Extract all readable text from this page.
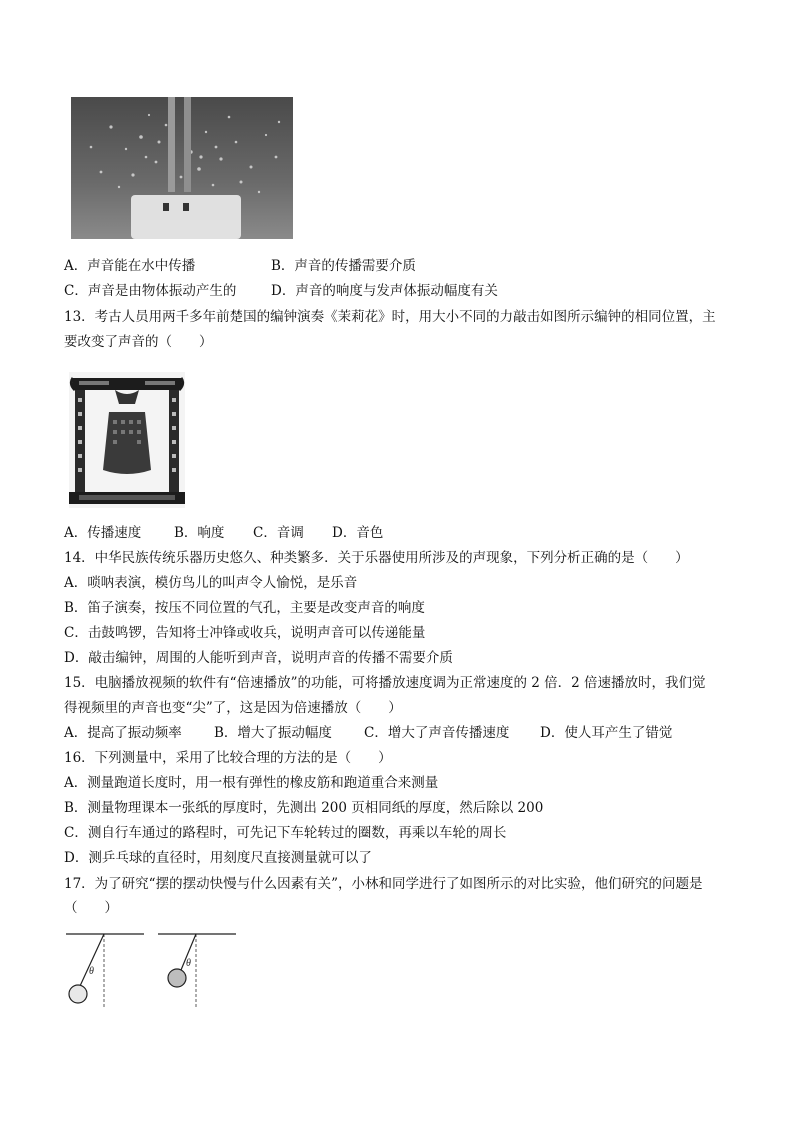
A．声音能在水中传播	B．声音的传播需要介质
C．声音是由物体振动产生的	D．声音的响度与发声体振动幅度有关
13．考古人员用两千多年前楚国的编钟演奏《茉莉花》时，用大小不同的力敲击如图所示编钟的相同位置，主
要改变了声音的（　　）
A．传播速度 B．响度 C．音调 D．音色
14．中华民族传统乐器历史悠久、种类繁多．关于乐器使用所涉及的声现象，下列分析正确的是（　　）
A．唢呐表演，模仿鸟儿的叫声令人愉悦，是乐音
B．笛子演奏，按压不同位置的气孔，主要是改变声音的响度
C．击鼓鸣锣，告知将士冲锋或收兵，说明声音可以传递能量
D．敲击编钟，周围的人能听到声音，说明声音的传播不需要介质
15．电脑播放视频的软件有“倍速播放”的功能，可将播放速度调为正常速度的 2 倍．2 倍速播放时，我们觉
得视频里的声音也变“尖”了，这是因为倍速播放（　　）
A．提高了振动频率 B．增大了振动幅度 C．增大了声音传播速度 D．使人耳产生了错觉
16．下列测量中，采用了比较合理的方法的是（　　）
A．测量跑道长度时，用一根有弹性的橡皮筋和跑道重合来测量
B．测量物理课本一张纸的厚度时，先测出 200 页相同纸的厚度，然后除以 200
C．测自行车通过的路程时，可先记下车轮转过的圈数，再乘以车轮的周长
D．测乒乓球的直径时，用刻度尺直接测量就可以了
17．为了研究“摆的摆动快慢与什么因素有关”，小林和同学进行了如图所示的对比实验，他们研究的问题是
（　　）
θ
θ
